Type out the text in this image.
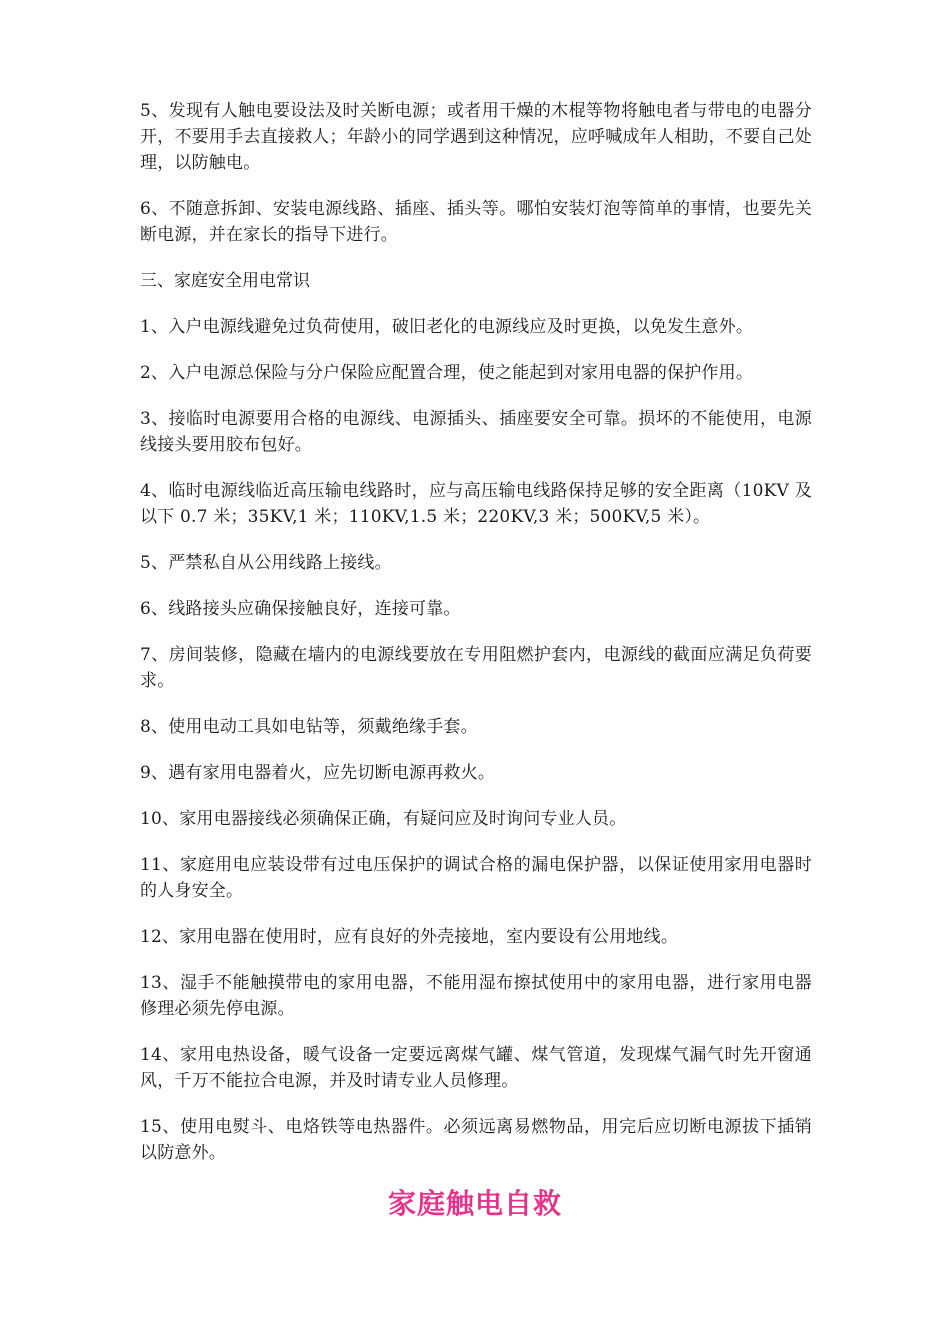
5、发现有人触电要设法及时关断电源；或者用干燥的木棍等物将触电者与带电的电器分开，不要用手去直接救人；年龄小的同学遇到这种情况，应呼喊成年人相助，不要自己处理，以防触电。

6、不随意拆卸、安装电源线路、插座、插头等。哪怕安装灯泡等简单的事情，也要先关断电源，并在家长的指导下进行。

三、家庭安全用电常识

1、入户电源线避免过负荷使用，破旧老化的电源线应及时更换，以免发生意外。

2、入户电源总保险与分户保险应配置合理，使之能起到对家用电器的保护作用。

3、接临时电源要用合格的电源线、电源插头、插座要安全可靠。损坏的不能使用，电源线接头要用胶布包好。

4、临时电源线临近高压输电线路时，应与高压输电线路保持足够的安全距离（10KV 及以下 0.7 米；35KV,1 米；110KV,1.5 米；220KV,3 米；500KV,5 米）。

5、严禁私自从公用线路上接线。

6、线路接头应确保接触良好，连接可靠。

7、房间装修，隐藏在墙内的电源线要放在专用阻燃护套内，电源线的截面应满足负荷要求。

8、使用电动工具如电钻等，须戴绝缘手套。

9、遇有家用电器着火，应先切断电源再救火。

10、家用电器接线必须确保正确，有疑问应及时询问专业人员。

11、家庭用电应装设带有过电压保护的调试合格的漏电保护器，以保证使用家用电器时的人身安全。

12、家用电器在使用时，应有良好的外壳接地，室内要设有公用地线。

13、湿手不能触摸带电的家用电器，不能用湿布擦拭使用中的家用电器，进行家用电器修理必须先停电源。

14、家用电热设备，暖气设备一定要远离煤气罐、煤气管道，发现煤气漏气时先开窗通风，千万不能拉合电源，并及时请专业人员修理。

15、使用电熨斗、电烙铁等电热器件。必须远离易燃物品，用完后应切断电源拔下插销以防意外。

家庭触电自救
